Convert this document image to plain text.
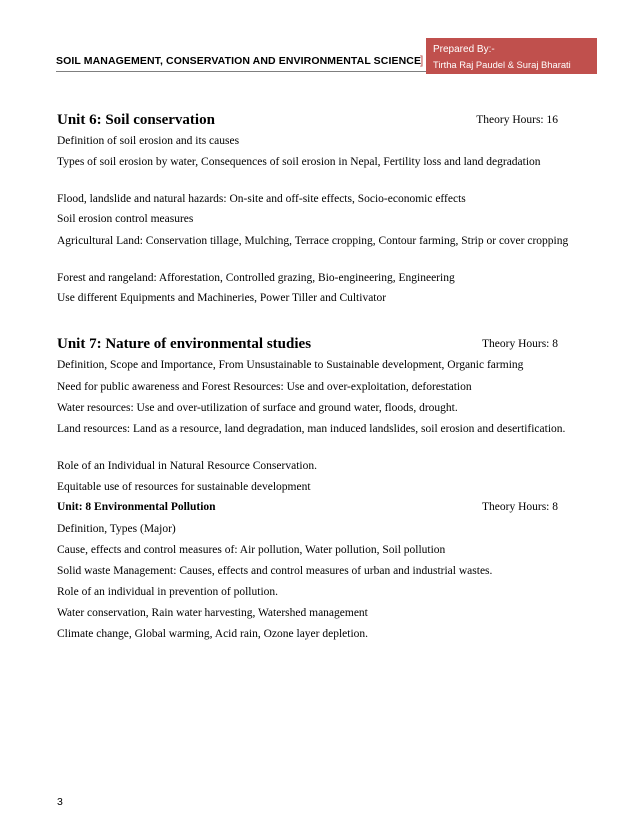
SOIL MANAGEMENT, CONSERVATION AND ENVIRONMENTAL SCIENCE
]
Prepared By:-
Tirtha Raj Paudel & Suraj Bharati
Unit 6: Soil conservation	Theory Hours: 16
Definition of soil erosion and its causes
Types of soil erosion by water, Consequences of soil erosion in Nepal, Fertility loss and land degradation
Flood, landslide and natural hazards: On-site and off-site effects, Socio-economic effects
Soil erosion control measures
Agricultural Land: Conservation tillage, Mulching, Terrace cropping, Contour farming, Strip or cover cropping
Forest and rangeland: Afforestation, Controlled grazing, Bio-engineering, Engineering
Use different Equipments and Machineries, Power Tiller and Cultivator
Unit 7: Nature of environmental studies	Theory Hours: 8
Definition, Scope and Importance, From Unsustainable to Sustainable development, Organic farming
Need for public awareness and Forest Resources: Use and over-exploitation, deforestation
Water resources: Use and over-utilization of surface and ground water, floods, drought.
Land resources: Land as a resource, land degradation, man induced landslides, soil erosion and desertification.
Role of an Individual in Natural Resource Conservation.
Equitable use of resources for sustainable development
Unit: 8 Environmental Pollution	Theory Hours: 8
Definition, Types (Major)
Cause, effects and control measures of: Air pollution, Water pollution, Soil pollution
Solid waste Management: Causes, effects and control measures of urban and industrial wastes.
Role of an individual in prevention of pollution.
Water conservation, Rain water harvesting, Watershed management
Climate change, Global warming, Acid rain, Ozone layer depletion.
3
